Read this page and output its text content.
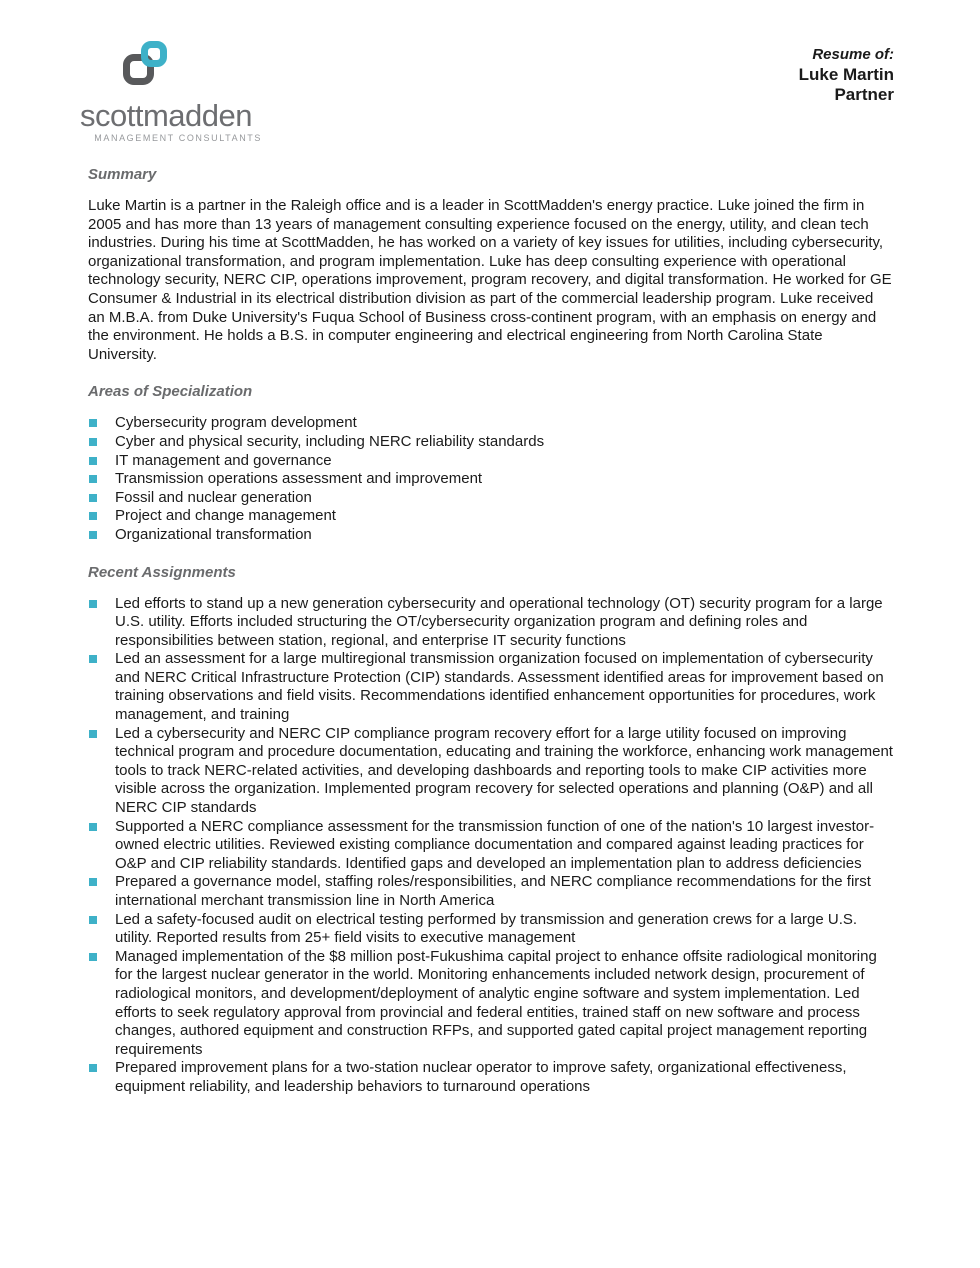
scottmadden
MANAGEMENT CONSULTANTS
Resume of:
Luke Martin
Partner
Summary

Luke Martin is a partner in the Raleigh office and is a leader in ScottMadden's energy practice. Luke joined the firm in 2005 and has more than 13 years of management consulting experience focused on the energy, utility, and clean tech industries. During his time at ScottMadden, he has worked on a variety of key issues for utilities, including cybersecurity, organizational transformation, and program implementation. Luke has deep consulting experience with operational technology security, NERC CIP, operations improvement, program recovery, and digital transformation. He worked for GE Consumer & Industrial in its electrical distribution division as part of the commercial leadership program. Luke received an M.B.A. from Duke University's Fuqua School of Business cross-continent program, with an emphasis on energy and the environment. He holds a B.S. in computer engineering and electrical engineering from North Carolina State University.

Areas of Specialization
Cybersecurity program development
Cyber and physical security, including NERC reliability standards
IT management and governance
Transmission operations assessment and improvement
Fossil and nuclear generation
Project and change management
Organizational transformation
Recent Assignments
Led efforts to stand up a new generation cybersecurity and operational technology (OT) security program for a large U.S. utility. Efforts included structuring the OT/cybersecurity organization program and defining roles and responsibilities between station, regional, and enterprise IT security functions
Led an assessment for a large multiregional transmission organization focused on implementation of cybersecurity and NERC Critical Infrastructure Protection (CIP) standards. Assessment identified areas for improvement based on training observations and field visits. Recommendations identified enhancement opportunities for procedures, work management, and training
Led a cybersecurity and NERC CIP compliance program recovery effort for a large utility focused on improving technical program and procedure documentation, educating and training the workforce, enhancing work management tools to track NERC-related activities, and developing dashboards and reporting tools to make CIP activities more visible across the organization. Implemented program recovery for selected operations and planning (O&P) and all NERC CIP standards
Supported a NERC compliance assessment for the transmission function of one of the nation's 10 largest investor-owned electric utilities. Reviewed existing compliance documentation and compared against leading practices for O&P and CIP reliability standards. Identified gaps and developed an implementation plan to address deficiencies
Prepared a governance model, staffing roles/responsibilities, and NERC compliance recommendations for the first international merchant transmission line in North America
Led a safety-focused audit on electrical testing performed by transmission and generation crews for a large U.S. utility. Reported results from 25+ field visits to executive management
Managed implementation of the $8 million post-Fukushima capital project to enhance offsite radiological monitoring for the largest nuclear generator in the world. Monitoring enhancements included network design, procurement of radiological monitors, and development/deployment of analytic engine software and system implementation. Led efforts to seek regulatory approval from provincial and federal entities, trained staff on new software and process changes, authored equipment and construction RFPs, and supported gated capital project management reporting requirements
Prepared improvement plans for a two-station nuclear operator to improve safety, organizational effectiveness, equipment reliability, and leadership behaviors to turnaround operations
